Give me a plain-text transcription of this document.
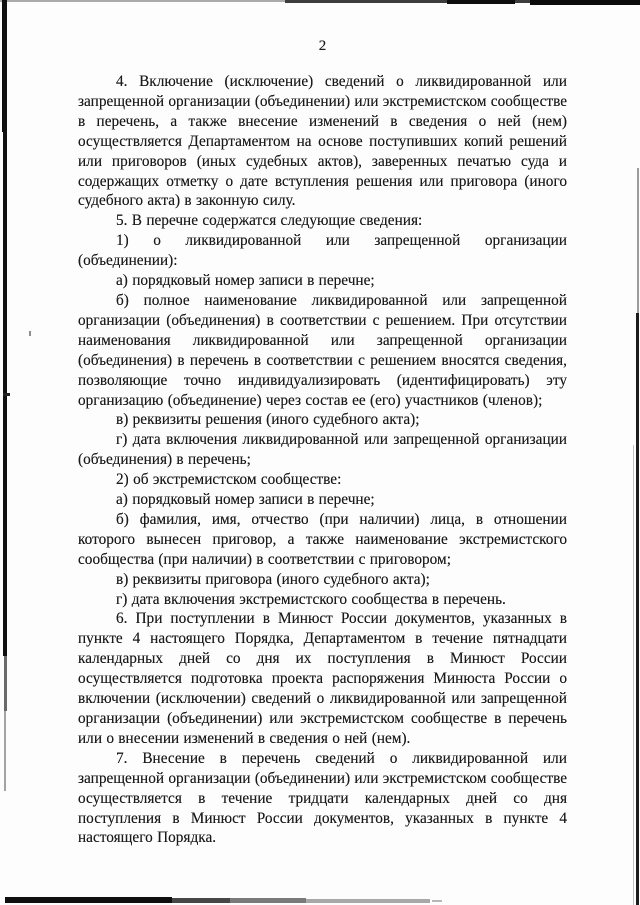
2

4. Включение (исключение) сведений о ликвидированной или запрещенной организации (объединении) или экстремистском сообществе в перечень, а также внесение изменений в сведения о ней (нем) осуществляется Департаментом на основе поступивших копий решений или приговоров (иных судебных актов), заверенных печатью суда и содержащих отметку о дате вступления решения или приговора (иного судебного акта) в законную силу.

5. В перечне содержатся следующие сведения:

1) о ликвидированной или запрещенной организации (объединении):

а) порядковый номер записи в перечне;

б) полное наименование ликвидированной или запрещенной организации (объединения) в соответствии с решением. При отсутствии наименования ликвидированной или запрещенной организации (объединения) в перечень в соответствии с решением вносятся сведения, позволяющие точно индивидуализировать (идентифицировать) эту организацию (объединение) через состав ее (его) участников (членов);

в) реквизиты решения (иного судебного акта);

г) дата включения ликвидированной или запрещенной организации (объединения) в перечень;

2) об экстремистском сообществе:

а) порядковый номер записи в перечне;

б) фамилия, имя, отчество (при наличии) лица, в отношении которого вынесен приговор, а также наименование экстремистского сообщества (при наличии) в соответствии с приговором;

в) реквизиты приговора (иного судебного акта);

г) дата включения экстремистского сообщества в перечень.

6. При поступлении в Минюст России документов, указанных в пункте 4 настоящего Порядка, Департаментом в течение пятнадцати календарных дней со дня их поступления в Минюст России осуществляется подготовка проекта распоряжения Минюста России о включении (исключении) сведений о ликвидированной или запрещенной организации (объединении) или экстремистском сообществе в перечень или о внесении изменений в сведения о ней (нем).

7. Внесение в перечень сведений о ликвидированной или запрещенной организации (объединении) или экстремистском сообществе осуществляется в течение тридцати календарных дней со дня поступления в Минюст России документов, указанных в пункте 4 настоящего Порядка.
